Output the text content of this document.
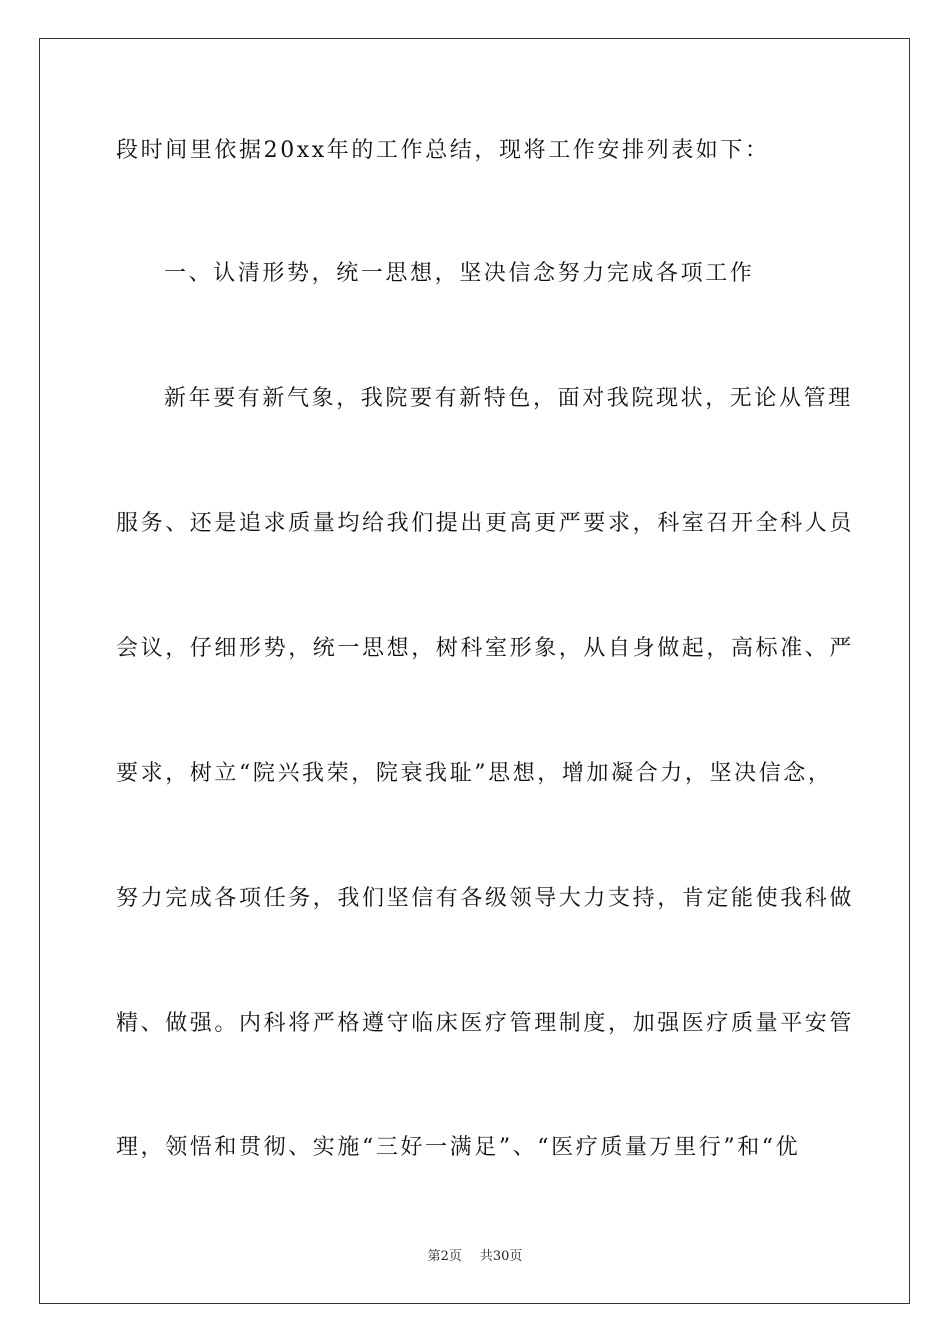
段时间里依据20xx年的工作总结，现将工作安排列表如下：
一、认清形势，统一思想，坚决信念努力完成各项工作
新年要有新气象，我院要有新特色，面对我院现状，无论从管理
服务、还是追求质量均给我们提出更高更严要求，科室召开全科人员
会议，仔细形势，统一思想，树科室形象，从自身做起，高标准、严
要求，树立“院兴我荣，院衰我耻”思想，增加凝合力，坚决信念，
努力完成各项任务，我们坚信有各级领导大力支持，肯定能使我科做
精、做强。内科将严格遵守临床医疗管理制度，加强医疗质量平安管
理，领悟和贯彻、实施“三好一满足”、“医疗质量万里行”和“优
第2页 共30页
